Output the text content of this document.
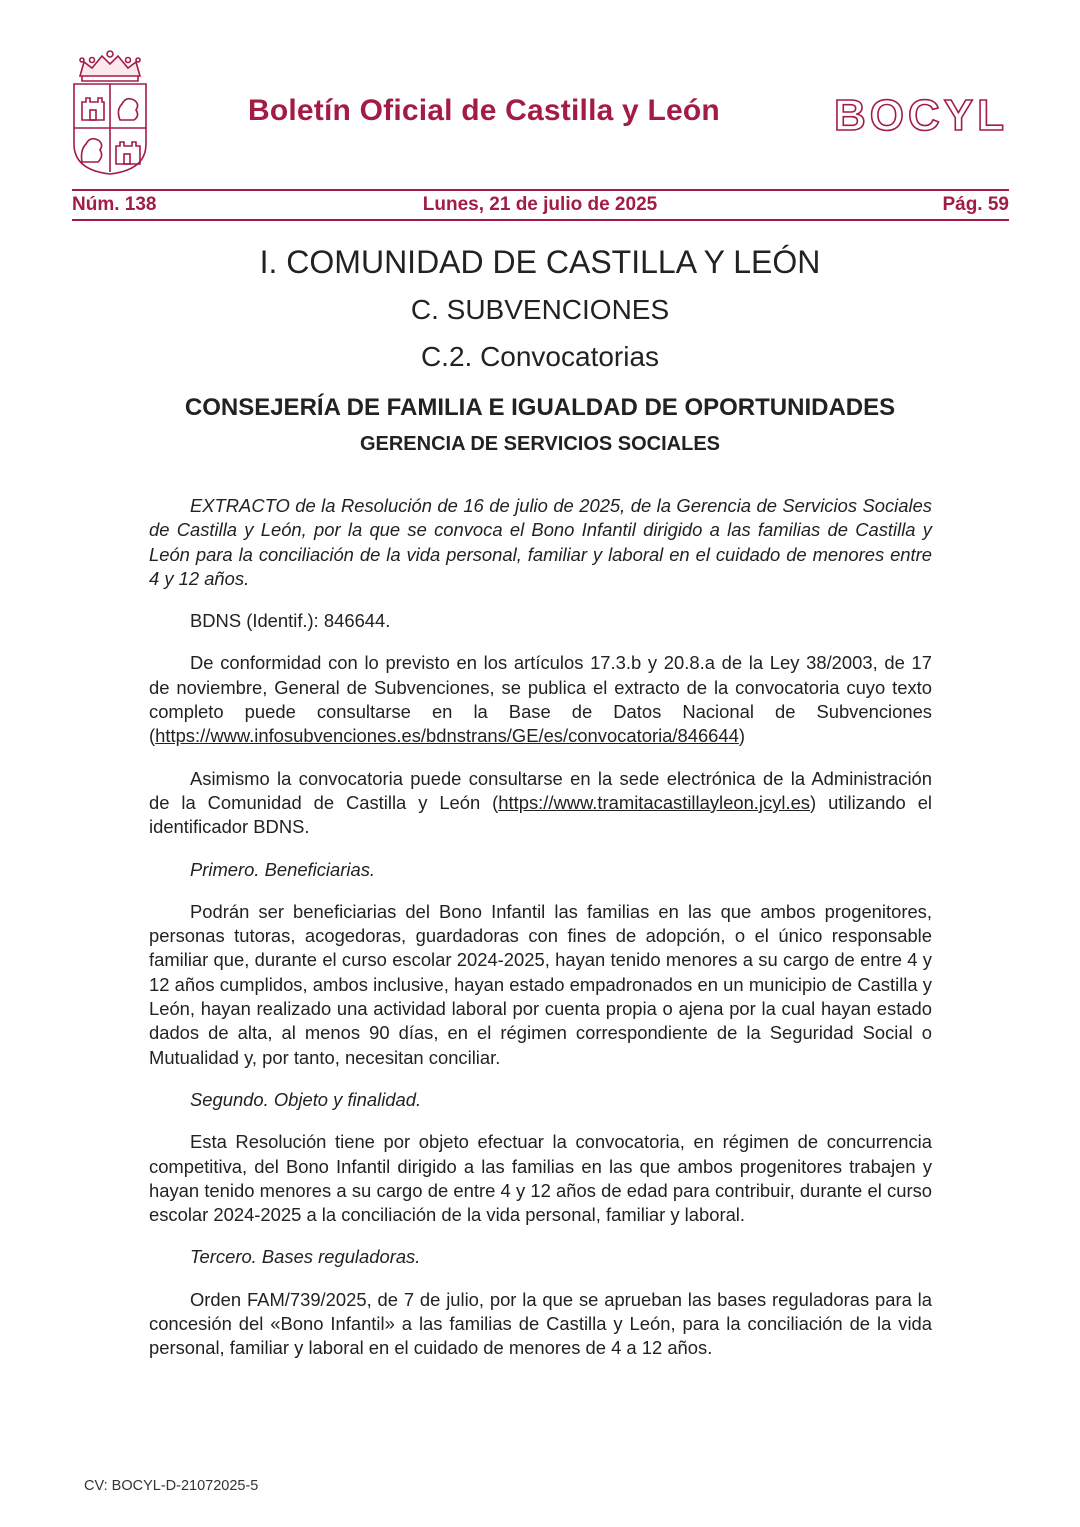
Boletín Oficial de Castilla y León	BOCYL
Núm. 138	Lunes, 21 de julio de 2025	Pág. 59
I. COMUNIDAD DE CASTILLA Y LEÓN
C. SUBVENCIONES
C.2. Convocatorias
CONSEJERÍA DE FAMILIA E IGUALDAD DE OPORTUNIDADES
GERENCIA DE SERVICIOS SOCIALES

EXTRACTO de la Resolución de 16 de julio de 2025, de la Gerencia de Servicios Sociales de Castilla y León, por la que se convoca el Bono Infantil dirigido a las familias de Castilla y León para la conciliación de la vida personal, familiar y laboral en el cuidado de menores entre 4 y 12 años.

BDNS (Identif.): 846644.

De conformidad con lo previsto en los artículos 17.3.b y 20.8.a de la Ley 38/2003, de 17 de noviembre, General de Subvenciones, se publica el extracto de la convocatoria cuyo texto completo puede consultarse en la Base de Datos Nacional de Subvenciones (https://www.infosubvenciones.es/bdnstrans/GE/es/convocatoria/846644)

Asimismo la convocatoria puede consultarse en la sede electrónica de la Administración de la Comunidad de Castilla y León (https://www.tramitacastillayleon.jcyl.es) utilizando el identificador BDNS.

Primero. Beneficiarias.

Podrán ser beneficiarias del Bono Infantil las familias en las que ambos progenitores, personas tutoras, acogedoras, guardadoras con fines de adopción, o el único responsable familiar que, durante el curso escolar 2024-2025, hayan tenido menores a su cargo de entre 4 y 12 años cumplidos, ambos inclusive, hayan estado empadronados en un municipio de Castilla y León, hayan realizado una actividad laboral por cuenta propia o ajena por la cual hayan estado dados de alta, al menos 90 días, en el régimen correspondiente de la Seguridad Social o Mutualidad y, por tanto, necesitan conciliar.

Segundo. Objeto y finalidad.

Esta Resolución tiene por objeto efectuar la convocatoria, en régimen de concurrencia competitiva, del Bono Infantil dirigido a las familias en las que ambos progenitores trabajen y hayan tenido menores a su cargo de entre 4 y 12 años de edad para contribuir, durante el curso escolar 2024-2025 a la conciliación de la vida personal, familiar y laboral.

Tercero. Bases reguladoras.

Orden FAM/739/2025, de 7 de julio, por la que se aprueban las bases reguladoras para la concesión del «Bono Infantil» a las familias de Castilla y León, para la conciliación de la vida personal, familiar y laboral en el cuidado de menores de 4 a 12 años.

CV: BOCYL-D-21072025-5
